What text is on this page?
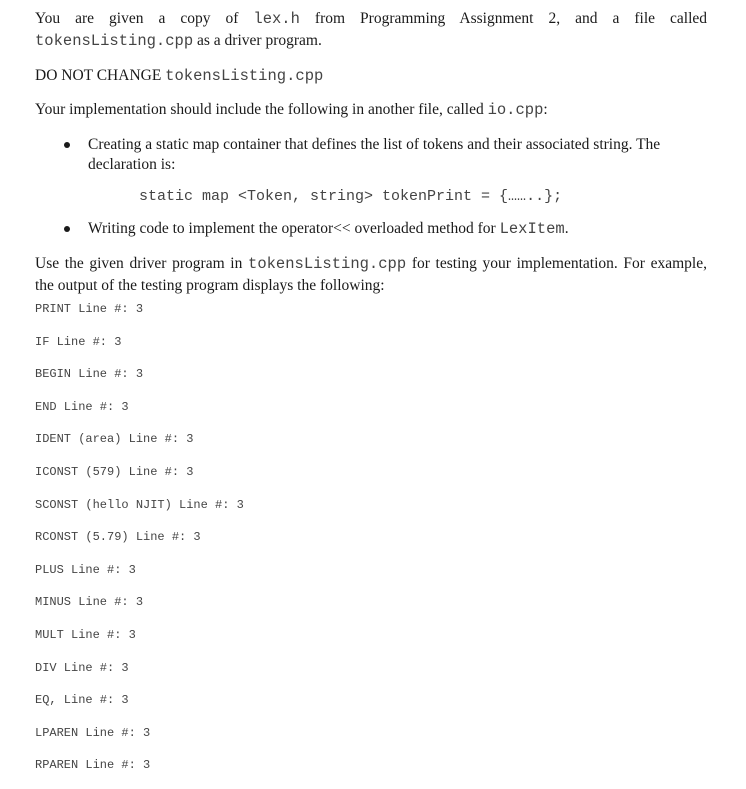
You are given a copy of lex.h from Programming Assignment 2, and a file called tokensListing.cpp as a driver program.

DO NOT CHANGE tokensListing.cpp

Your implementation should include the following in another file, called io.cpp:

Creating a static map container that defines the list of tokens and their associated string. The declaration is:
static map <Token, string> tokenPrint = {……..};
Writing code to implement the operator<< overloaded method for LexItem.

Use the given driver program in tokensListing.cpp for testing your implementation. For example, the output of the testing program displays the following:

PRINT Line #: 3
IF Line #: 3
BEGIN Line #: 3
END Line #: 3
IDENT (area) Line #: 3
ICONST (579) Line #: 3
SCONST (hello NJIT) Line #: 3
RCONST (5.79) Line #: 3
PLUS Line #: 3
MINUS Line #: 3
MULT Line #: 3
DIV Line #: 3
EQ, Line #: 3
LPAREN Line #: 3
RPAREN Line #: 3
